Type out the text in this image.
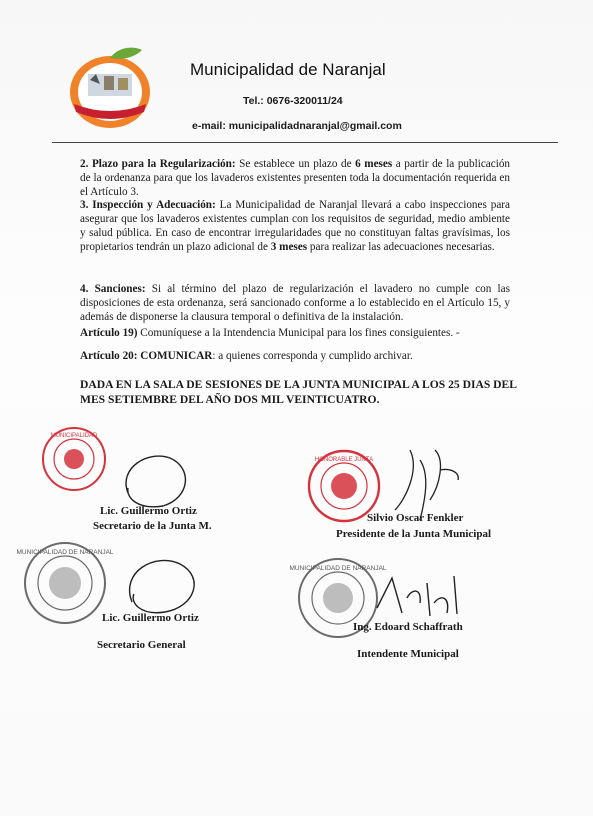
Municipalidad de Naranjal
Tel.: 0676-320011/24
e-mail: municipalidadnaranjal@gmail.com
2. Plazo para la Regularización: Se establece un plazo de 6 meses a partir de la publicación de la ordenanza para que los lavaderos existentes presenten toda la documentación requerida en el Artículo 3.
3. Inspección y Adecuación: La Municipalidad de Naranjal llevará a cabo inspecciones para asegurar que los lavaderos existentes cumplan con los requisitos de seguridad, medio ambiente y salud pública. En caso de encontrar irregularidades que no constituyan faltas gravísimas, los propietarios tendrán un plazo adicional de 3 meses para realizar las adecuaciones necesarias.
4. Sanciones: Si al término del plazo de regularización el lavadero no cumple con las disposiciones de esta ordenanza, será sancionado conforme a lo establecido en el Artículo 15, y además de disponerse la clausura temporal o definitiva de la instalación.
Artículo 19) Comuníquese a la Intendencia Municipal para los fines consiguientes. -
Artículo 20: COMUNICAR: a quienes corresponda y cumplido archivar.
DADA EN LA SALA DE SESIONES DE LA JUNTA MUNICIPAL A LOS 25 DIAS DEL MES SETIEMBRE DEL AÑO DOS MIL VEINTICUATRO.
MUNICIPALIDAD
Lic. Guillermo Ortiz
Secretario de la Junta M.
HONORABLE JUNTA
Silvio Oscar Fenkler
Presidente de la Junta Municipal
MUNICIPALIDAD DE NARANJAL
Lic. Guillermo Ortiz
Secretario General
MUNICIPALIDAD DE NARANJAL
Ing. Edoard Schaffrath
Intendente Municipal
